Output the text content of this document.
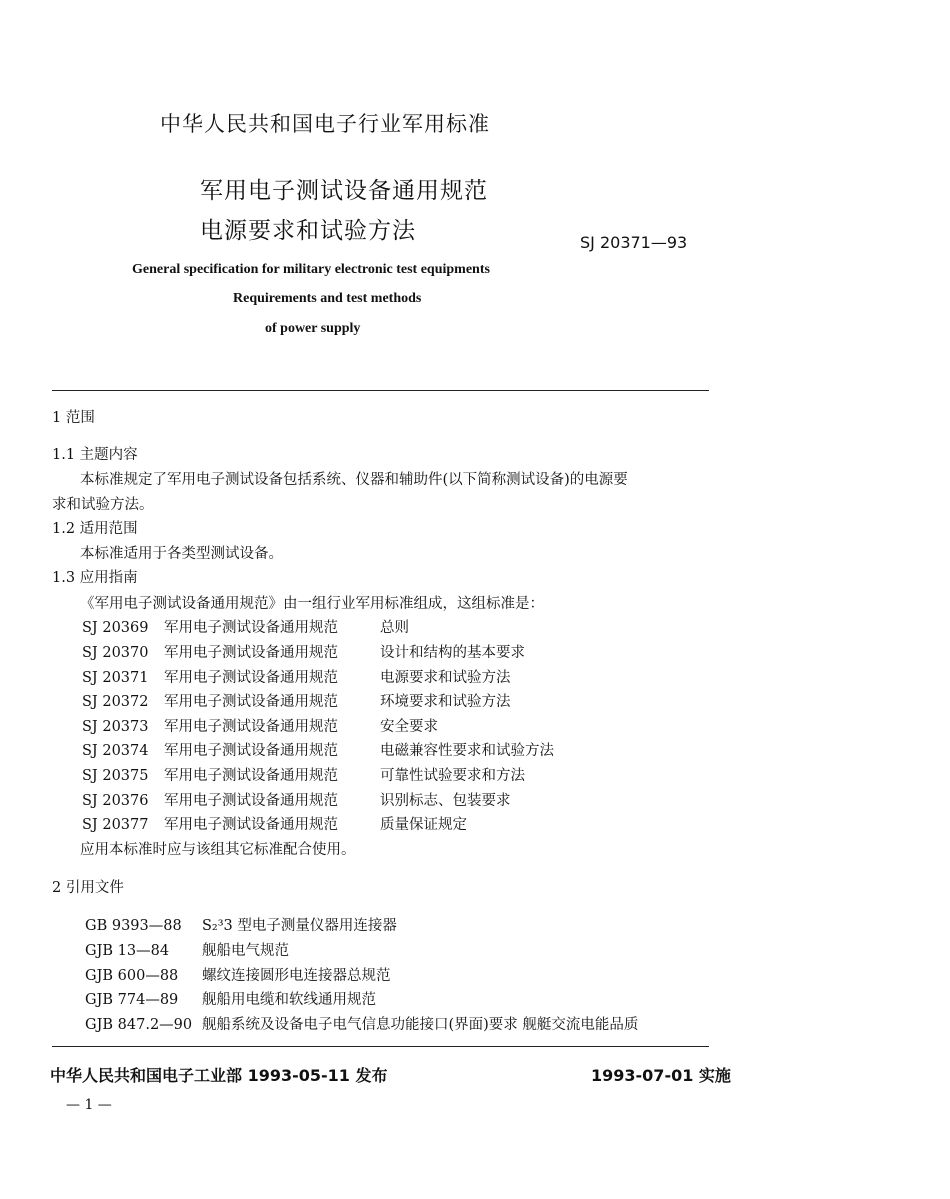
中华人民共和国电子行业军用标准
军用电子测试设备通用规范
电源要求和试验方法	SJ 20371—93
General specification for military electronic test equipments
Requirements and test methods
of power supply
1 范围
1.1 主题内容
本标准规定了军用电子测试设备包括系统、仪器和辅助件(以下简称测试设备)的电源要
求和试验方法。
1.2 适用范围
本标准适用于各类型测试设备。
1.3 应用指南
《军用电子测试设备通用规范》由一组行业军用标准组成，这组标准是：
SJ 20369 军用电子测试设备通用规范	总则
SJ 20370 军用电子测试设备通用规范	设计和结构的基本要求
SJ 20371 军用电子测试设备通用规范	电源要求和试验方法
SJ 20372 军用电子测试设备通用规范	环境要求和试验方法
SJ 20373 军用电子测试设备通用规范	安全要求
SJ 20374 军用电子测试设备通用规范	电磁兼容性要求和试验方法
SJ 20375 军用电子测试设备通用规范	可靠性试验要求和方法
SJ 20376 军用电子测试设备通用规范	识别标志、包装要求
SJ 20377 军用电子测试设备通用规范	质量保证规定
应用本标准时应与该组其它标准配合使用。
2 引用文件
GB 9393—88 S₂³3 型电子测量仪器用连接器
GJB 13—84 舰船电气规范
GJB 600—88 螺纹连接圆形电连接器总规范
GJB 774—89 舰船用电缆和软线通用规范
GJB 847.2—90 舰船系统及设备电子电气信息功能接口(界面)要求 舰艇交流电能品质
中华人民共和国电子工业部 1993-05-11 发布	1993-07-01 实施
— 1 —
